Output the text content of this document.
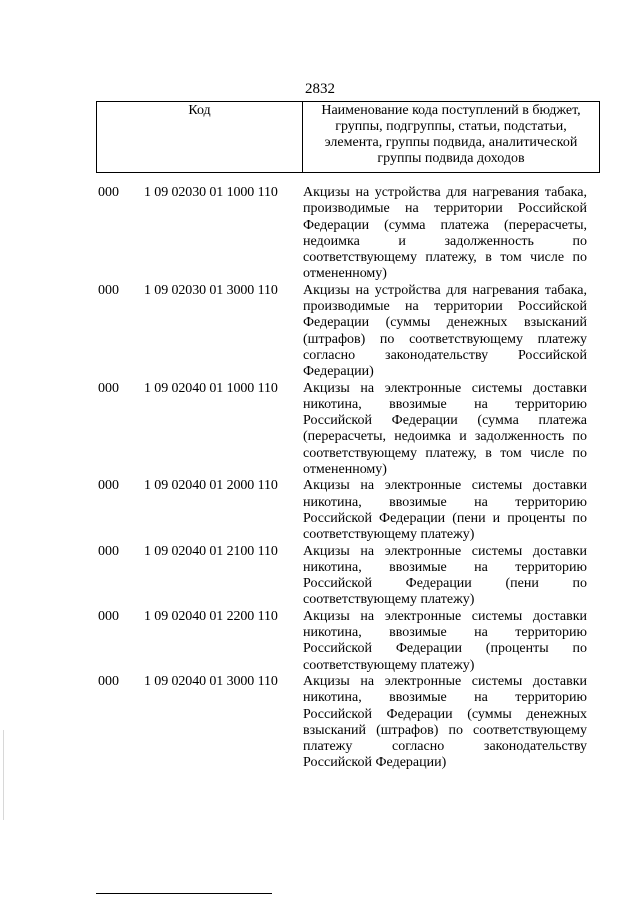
2832
Код	Наименование кода поступлений в бюджет, группы, подгруппы, статьи, подстатьи, элемента, группы подвида, аналитической группы подвида доходов
000	1 09 02030 01 1000 110	Акцизы на устройства для нагревания табака,
производимые на территории Российской
Федерации (сумма платежа (перерасчеты,
недоимка и задолженность по
соответствующему платежу, в том числе по
отмененному)
000	1 09 02030 01 3000 110	Акцизы на устройства для нагревания табака,
производимые на территории Российской
Федерации (суммы денежных взысканий
(штрафов) по соответствующему платежу
согласно законодательству Российской
Федерации)
000	1 09 02040 01 1000 110	Акцизы на электронные системы доставки
никотина, ввозимые на территорию
Российской Федерации (сумма платежа
(перерасчеты, недоимка и задолженность по
соответствующему платежу, в том числе по
отмененному)
000	1 09 02040 01 2000 110	Акцизы на электронные системы доставки
никотина, ввозимые на территорию
Российской Федерации (пени и проценты по
соответствующему платежу)
000	1 09 02040 01 2100 110	Акцизы на электронные системы доставки
никотина, ввозимые на территорию
Российской Федерации (пени по
соответствующему платежу)
000	1 09 02040 01 2200 110	Акцизы на электронные системы доставки
никотина, ввозимые на территорию
Российской Федерации (проценты по
соответствующему платежу)
000	1 09 02040 01 3000 110	Акцизы на электронные системы доставки
никотина, ввозимые на территорию
Российской Федерации (суммы денежных
взысканий (штрафов) по соответствующему
платежу согласно законодательству
Российской Федерации)
